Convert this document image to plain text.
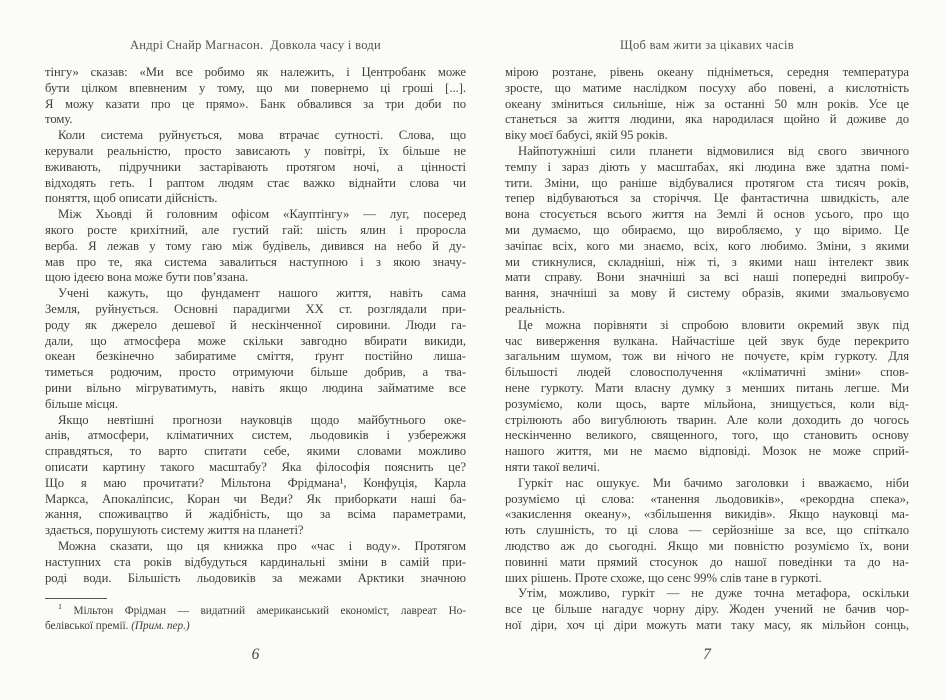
Андрі Снайр Магнасон.  Довкола часу і води
тінгу» сказав: «Ми все робимо як належить, і Центробанк може
бути цілком впевненим у тому, що ми повернемо ці гроші [...].
Я можу казати про це прямо». Банк обвалився за три доби по
тому.
Коли система руйнується, мова втрачає сутності. Слова, що
керували реальністю, просто зависають у повітрі, їх більше не
вживають, підручники застарівають протягом ночі, а цінності
відходять геть. І раптом людям стає важко віднайти слова чи
поняття, щоб описати дійсність.
Між Хьовді й головним офісом «Кауптінгу» — луг, посеред
якого росте крихітний, але густий гай: шість ялин і проросла
верба. Я лежав у тому гаю між будівель, дивився на небо й ду-
мав про те, яка система завалиться наступною і з якою значу-
щою ідеєю вона може бути пов’язана.
Учені кажуть, що фундамент нашого життя, навіть сама
Земля, руйнується. Основні парадигми XX ст. розглядали при-
роду як джерело дешевої й нескінченної сировини. Люди га-
дали, що атмосфера може скільки завгодно вбирати викиди,
океан безкінечно забиратиме сміття, ґрунт постійно лиша-
тиметься родючим, просто отримуючи більше добрив, а тва-
рини вільно мігруватимуть, навіть якщо людина займатиме все
більше місця.
Якщо невтішні прогнози науковців щодо майбутнього оке-
анів, атмосфери, кліматичних систем, льодовиків і узбережжя
справдяться, то варто спитати себе, якими словами можливо
описати картину такого масштабу? Яка філософія пояснить це?
Що я маю прочитати? Мільтона Фрідмана¹, Конфуція, Карла
Маркса, Апокаліпсис, Коран чи Веди? Як приборкати наші ба-
жання, споживацтво й жадібність, що за всіма параметрами,
здається, порушують систему життя на планеті?
Можна сказати, що ця книжка про «час і воду». Протягом
наступних ста років відбудуться кардинальні зміни в самій при-
роді води. Більшість льодовиків за межами Арктики значною
$^1$ Мільтон Фрідман — видатний американський економіст, лавреат Но-
белівської премії. (Прим. пер.)
6
Щоб вам жити за цікавих часів
мірою розтане, рівень океану підніметься, середня температура
зросте, що матиме наслідком посуху або повені, а кислотність
океану зміниться сильніше, ніж за останні 50 млн років. Усе це
станеться за життя людини, яка народилася щойно й доживе до
віку моєї бабусі, якій 95 років.
Найпотужніші сили планети відмовилися від свого звичного
темпу і зараз діють у масштабах, які людина вже здатна помі-
тити. Зміни, що раніше відбувалися протягом ста тисяч років,
тепер відбуваються за сторіччя. Це фантастична швидкість, але
вона стосується всього життя на Землі й основ усього, про що
ми думаємо, що обираємо, що виробляємо, у що віримо. Це
зачіпає всіх, кого ми знаємо, всіх, кого любимо. Зміни, з якими
ми стикнулися, складніші, ніж ті, з якими наш інтелект звик
мати справу. Вони значніші за всі наші попередні випробу-
вання, значніші за мову й систему образів, якими змальовуємо
реальність.
Це можна порівняти зі спробою вловити окремий звук під
час виверження вулкана. Найчастіше цей звук буде перекрито
загальним шумом, тож ви нічого не почуєте, крім гуркоту. Для
більшості людей словосполучення «кліматичні зміни» спов-
нене гуркоту. Мати власну думку з менших питань легше. Ми
розуміємо, коли щось, варте мільйона, знищується, коли від-
стрілюють або вигублюють тварин. Але коли доходить до чогось
нескінченно великого, священного, того, що становить основу
нашого життя, ми не маємо відповіді. Мозок не може сприй-
няти такої величі.
Гуркіт нас ошукує. Ми бачимо заголовки і вважаємо, ніби
розуміємо ці слова: «танення льодовиків», «рекордна спека»,
«закислення океану», «збільшення викидів». Якщо науковці ма-
ють слушність, то ці слова — серйозніше за все, що спіткало
людство аж до сьогодні. Якщо ми повністю розуміємо їх, вони
повинні мати прямий стосунок до нашої поведінки та до на-
ших рішень. Проте схоже, що сенс 99% слів тане в гуркоті.
Утім, можливо, гуркіт — не дуже точна метафора, оскільки
все це більше нагадує чорну діру. Жоден учений не бачив чор-
ної діри, хоч ці діри можуть мати таку масу, як мільйон сонць,
7
